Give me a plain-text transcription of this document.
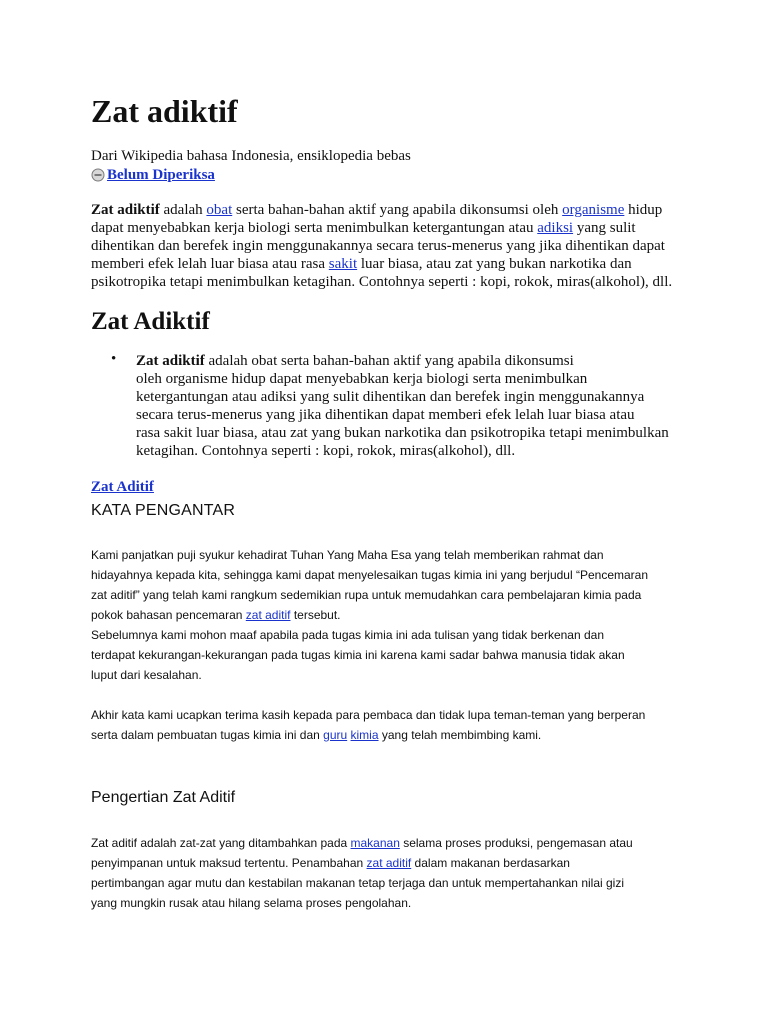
Zat adiktif
Dari Wikipedia bahasa Indonesia, ensiklopedia bebas
Belum Diperiksa
Zat adiktif adalah obat serta bahan-bahan aktif yang apabila dikonsumsi oleh organisme hidup
dapat menyebabkan kerja biologi serta menimbulkan ketergantungan atau adiksi yang sulit
dihentikan dan berefek ingin menggunakannya secara terus-menerus yang jika dihentikan dapat
memberi efek lelah luar biasa atau rasa sakit luar biasa, atau zat yang bukan narkotika dan
psikotropika tetapi menimbulkan ketagihan. Contohnya seperti : kopi, rokok, miras(alkohol), dll.
Zat Adiktif
• Zat adiktif adalah obat serta bahan-bahan aktif yang apabila dikonsumsi
oleh organisme hidup dapat menyebabkan kerja biologi serta menimbulkan
ketergantungan atau adiksi yang sulit dihentikan dan berefek ingin menggunakannya
secara terus-menerus yang jika dihentikan dapat memberi efek lelah luar biasa atau
rasa sakit luar biasa, atau zat yang bukan narkotika dan psikotropika tetapi menimbulkan
ketagihan. Contohnya seperti : kopi, rokok, miras(alkohol), dll.
Zat Aditif
KATA PENGANTAR
Kami panjatkan puji syukur kehadirat Tuhan Yang Maha Esa yang telah memberikan rahmat dan
hidayahnya kepada kita, sehingga kami dapat menyelesaikan tugas kimia ini yang berjudul “Pencemaran
zat aditif” yang telah kami rangkum sedemikian rupa untuk memudahkan cara pembelajaran kimia pada
pokok bahasan pencemaran zat aditif tersebut.
Sebelumnya kami mohon maaf apabila pada tugas kimia ini ada tulisan yang tidak berkenan dan
terdapat kekurangan-kekurangan pada tugas kimia ini karena kami sadar bahwa manusia tidak akan
luput dari kesalahan.
Akhir kata kami ucapkan terima kasih kepada para pembaca dan tidak lupa teman-teman yang berperan
serta dalam pembuatan tugas kimia ini dan guru kimia yang telah membimbing kami.
Pengertian Zat Aditif
Zat aditif adalah zat-zat yang ditambahkan pada makanan selama proses produksi, pengemasan atau
penyimpanan untuk maksud tertentu. Penambahan zat aditif dalam makanan berdasarkan
pertimbangan agar mutu dan kestabilan makanan tetap terjaga dan untuk mempertahankan nilai gizi
yang mungkin rusak atau hilang selama proses pengolahan.
